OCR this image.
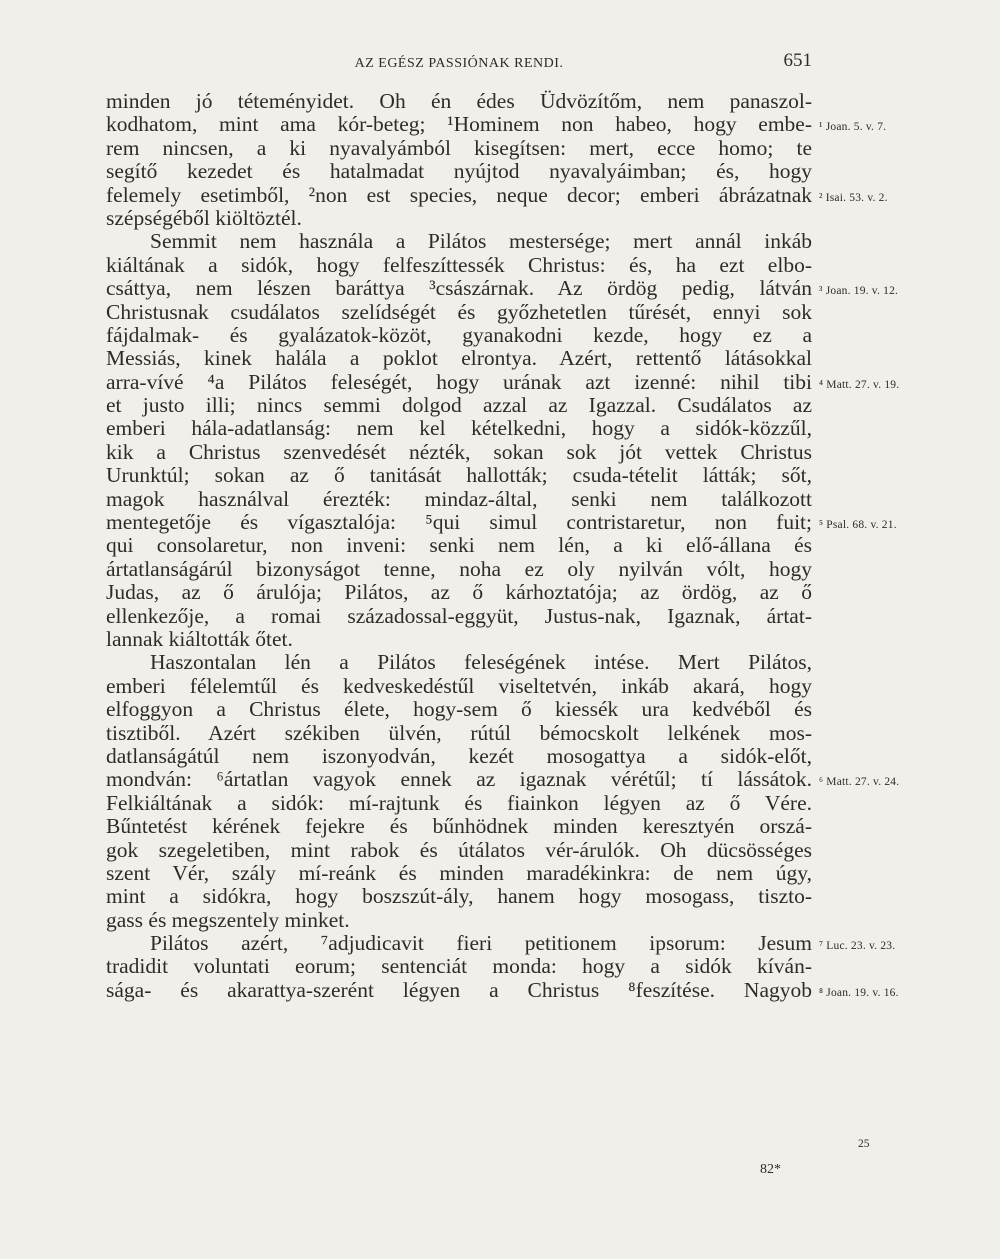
AZ EGÉSZ PASSIÓNAK RENDI.	651
minden jó téteményidet. Oh én édes Üdvözítőm, nem panaszol-
kodhatom, mint ama kór-beteg; ¹Hominem non habeo, hogy embe- ¹ Joan. 5. v. 7.
rem nincsen, a ki nyavalyámból kisegítsen: mert, ecce homo; te
segítő kezedet és hatalmadat nyújtod nyavalyáimban; és, hogy
felemely esetimből, ²non est species, neque decor; emberi ábrázatnak ² Isai. 53. v. 2.
szépségéből kiöltöztél.
Semmit nem használa a Pilátos mestersége; mert annál inkáb
kiáltának a sidók, hogy felfeszíttessék Christus: és, ha ezt elbo-
csáttya, nem lészen baráttya ³császárnak. Az ördög pedig, látván ³ Joan. 19. v. 12.
Christusnak csudálatos szelídségét és győzhetetlen tűrését, ennyi sok
fájdalmak- és gyalázatok-közöt, gyanakodni kezde, hogy ez a
Messiás, kinek halála a poklot elrontya. Azért, rettentő látásokkal
arra-vívé ⁴a Pilátos feleségét, hogy urának azt izenné: nihil tibi ⁴ Matt. 27. v. 19.
et justo illi; nincs semmi dolgod azzal az Igazzal. Csudálatos az
emberi hála-adatlanság: nem kel kételkedni, hogy a sidók-közzűl,
kik a Christus szenvedését nézték, sokan sok jót vettek Christus
Urunktúl; sokan az ő tanitását hallották; csuda-tételit látták; sőt,
magok használval érezték: mindaz-által, senki nem találkozott
mentegetője és vígasztalója: ⁵qui simul contristaretur, non fuit; ⁵ Psal. 68. v. 21.
qui consolaretur, non inveni: senki nem lén, a ki elő-állana és
ártatlanságárúl bizonyságot tenne, noha ez oly nyilván vólt, hogy
Judas, az ő árulója; Pilátos, az ő kárhoztatója; az ördög, az ő
ellenkezője, a romai századossal-eggyüt, Justus-nak, Igaznak, ártat-
lannak kiáltották őtet.
Haszontalan lén a Pilátos feleségének intése. Mert Pilátos,
emberi félelemtűl és kedveskedéstűl viseltetvén, inkáb akará, hogy
elfoggyon a Christus élete, hogy-sem ő kiessék ura kedvéből és
tisztiből. Azért székiben ülvén, rútúl bémocskolt lelkének mos-
datlanságátúl nem iszonyodván, kezét mosogattya a sidók-előt,
mondván: ⁶ártatlan vagyok ennek az igaznak vérétűl; tí lássátok. ⁶ Matt. 27. v. 24.
Felkiáltának a sidók: mí-rajtunk és fiainkon légyen az ő Vére.
Bűntetést kérének fejekre és bűnhödnek minden keresztyén orszá-
gok szegeletiben, mint rabok és útálatos vér-árulók. Oh dücsösséges
szent Vér, szály mí-reánk és minden maradékinkra: de nem úgy,
mint a sidókra, hogy boszszút-ály, hanem hogy mosogass, tiszto-
gass és megszentely minket.
Pilátos azért, ⁷adjudicavit fieri petitionem ipsorum: Jesum ⁷ Luc. 23. v. 23.
tradidit voluntati eorum; sentenciát monda: hogy a sidók kíván-
sága- és akarattya-szerént légyen a Christus ⁸feszítése. Nagyob ⁸ Joan. 19. v. 16.
25
82*
